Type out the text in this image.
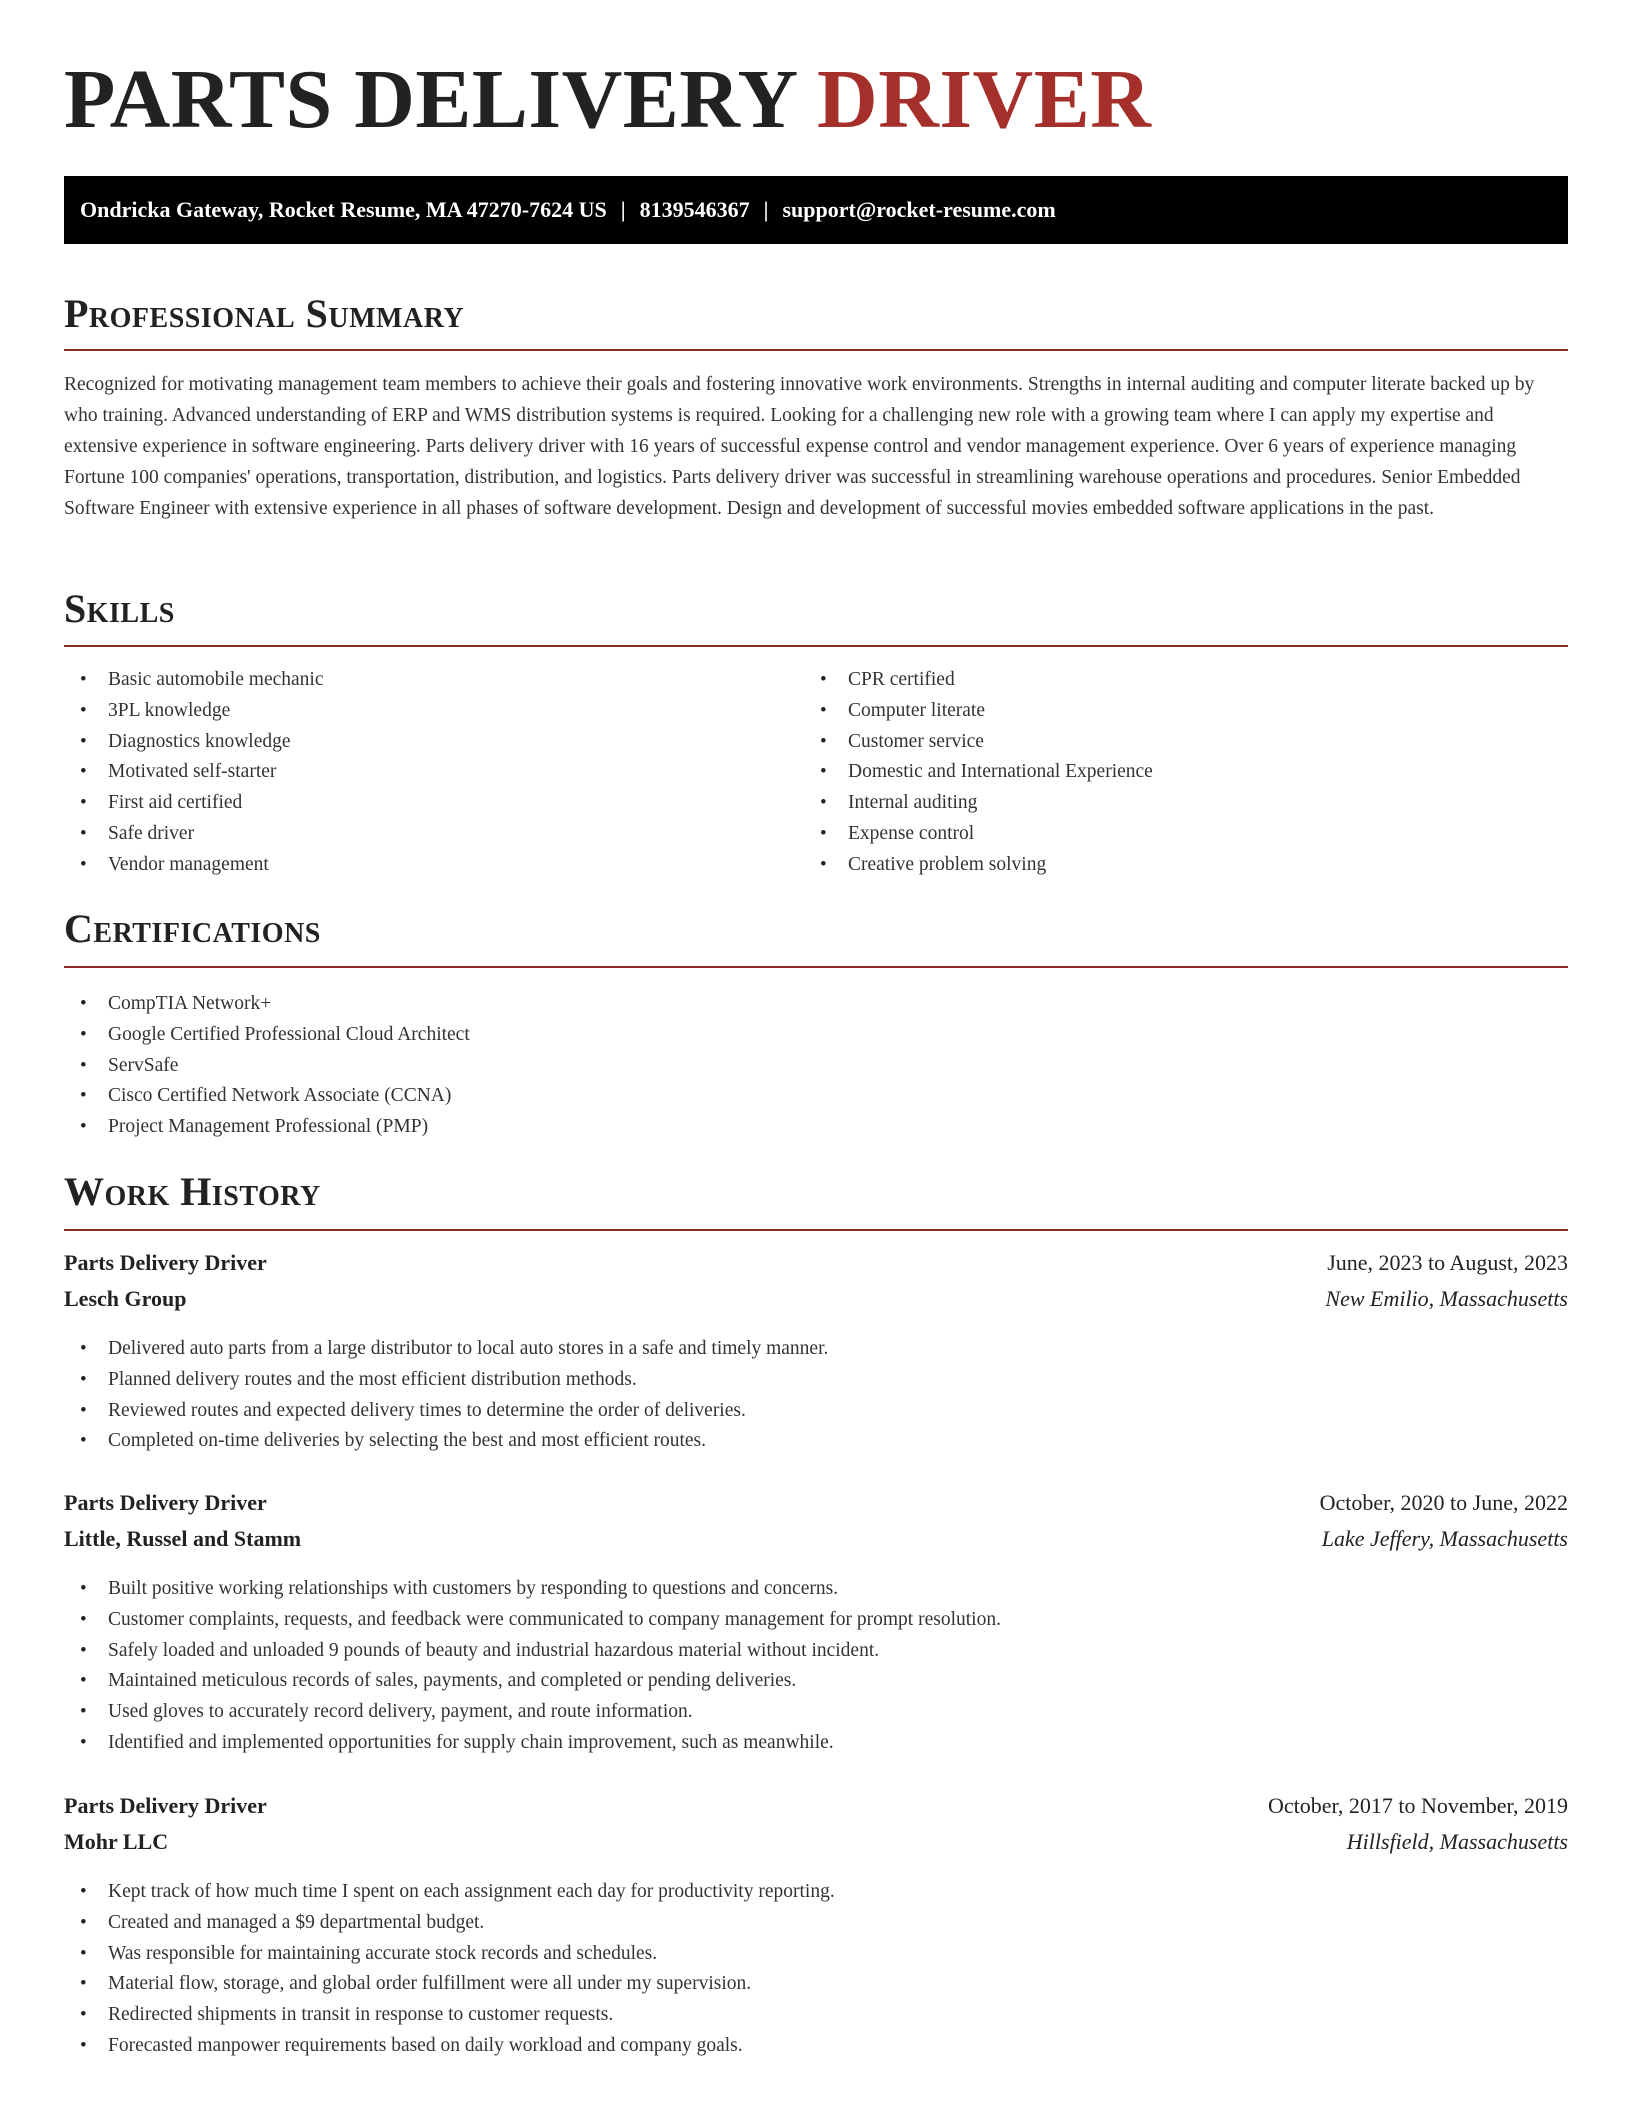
PARTS DELIVERY DRIVER
Ondricka Gateway, Rocket Resume, MA 47270-7624 US | 8139546367 | support@rocket-resume.com
Professional Summary

Recognized for motivating management team members to achieve their goals and fostering innovative work environments. Strengths in internal auditing and computer literate backed up by who training. Advanced understanding of ERP and WMS distribution systems is required. Looking for a challenging new role with a growing team where I can apply my expertise and extensive experience in software engineering. Parts delivery driver with 16 years of successful expense control and vendor management experience. Over 6 years of experience managing Fortune 100 companies' operations, transportation, distribution, and logistics. Parts delivery driver was successful in streamlining warehouse operations and procedures. Senior Embedded Software Engineer with extensive experience in all phases of software development. Design and development of successful movies embedded software applications in the past.

Skills
• Basic automobile mechanic
• 3PL knowledge
• Diagnostics knowledge
• Motivated self-starter
• First aid certified
• Safe driver
• Vendor management
• CPR certified
• Computer literate
• Customer service
• Domestic and International Experience
• Internal auditing
• Expense control
• Creative problem solving
Certifications
• CompTIA Network+
• Google Certified Professional Cloud Architect
• ServSafe
• Cisco Certified Network Associate (CCNA)
• Project Management Professional (PMP)
Work History
Parts Delivery Driver	June, 2023 to August, 2023
Lesch Group	New Emilio, Massachusetts
• Delivered auto parts from a large distributor to local auto stores in a safe and timely manner.
• Planned delivery routes and the most efficient distribution methods.
• Reviewed routes and expected delivery times to determine the order of deliveries.
• Completed on-time deliveries by selecting the best and most efficient routes.
Parts Delivery Driver	October, 2020 to June, 2022
Little, Russel and Stamm	Lake Jeffery, Massachusetts
• Built positive working relationships with customers by responding to questions and concerns.
• Customer complaints, requests, and feedback were communicated to company management for prompt resolution.
• Safely loaded and unloaded 9 pounds of beauty and industrial hazardous material without incident.
• Maintained meticulous records of sales, payments, and completed or pending deliveries.
• Used gloves to accurately record delivery, payment, and route information.
• Identified and implemented opportunities for supply chain improvement, such as meanwhile.
Parts Delivery Driver	October, 2017 to November, 2019
Mohr LLC	Hillsfield, Massachusetts
• Kept track of how much time I spent on each assignment each day for productivity reporting.
• Created and managed a $9 departmental budget.
• Was responsible for maintaining accurate stock records and schedules.
• Material flow, storage, and global order fulfillment were all under my supervision.
• Redirected shipments in transit in response to customer requests.
• Forecasted manpower requirements based on daily workload and company goals.
